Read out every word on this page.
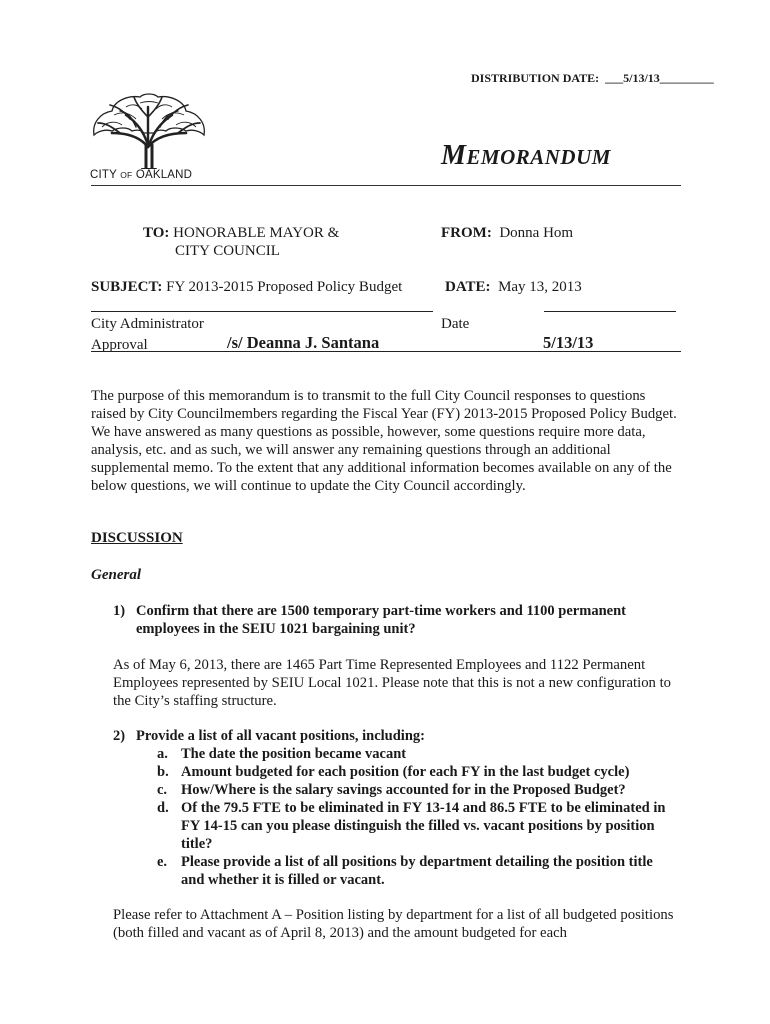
DISTRIBUTION DATE: ___5/13/13_________
CITY OF OAKLAND
MEMORANDUM
TO: HONORABLE MAYOR &
CITY COUNCIL
FROM: Donna Hom
SUBJECT: FY 2013-2015 Proposed Policy Budget	DATE: May 13, 2013
City Administrator	Date
Approval	/s/ Deanna J. Santana	5/13/13

The purpose of this memorandum is to transmit to the full City Council responses to questions raised by City Councilmembers regarding the Fiscal Year (FY) 2013-2015 Proposed Policy Budget. We have answered as many questions as possible, however, some questions require more data, analysis, etc. and as such, we will answer any remaining questions through an additional supplemental memo. To the extent that any additional information becomes available on any of the below questions, we will continue to update the City Council accordingly.

DISCUSSION
General
1) Confirm that there are 1500 temporary part-time workers and 1100 permanent employees in the SEIU 1021 bargaining unit?

As of May 6, 2013, there are 1465 Part Time Represented Employees and 1122 Permanent Employees represented by SEIU Local 1021. Please note that this is not a new configuration to the City’s staffing structure.

2) Provide a list of all vacant positions, including:
a. The date the position became vacant
b. Amount budgeted for each position (for each FY in the last budget cycle)
c. How/Where is the salary savings accounted for in the Proposed Budget?
d. Of the 79.5 FTE to be eliminated in FY 13-14 and 86.5 FTE to be eliminated in FY 14-15 can you please distinguish the filled vs. vacant positions by position title?
e. Please provide a list of all positions by department detailing the position title and whether it is filled or vacant.

Please refer to Attachment A – Position listing by department for a list of all budgeted positions (both filled and vacant as of April 8, 2013) and the amount budgeted for each
